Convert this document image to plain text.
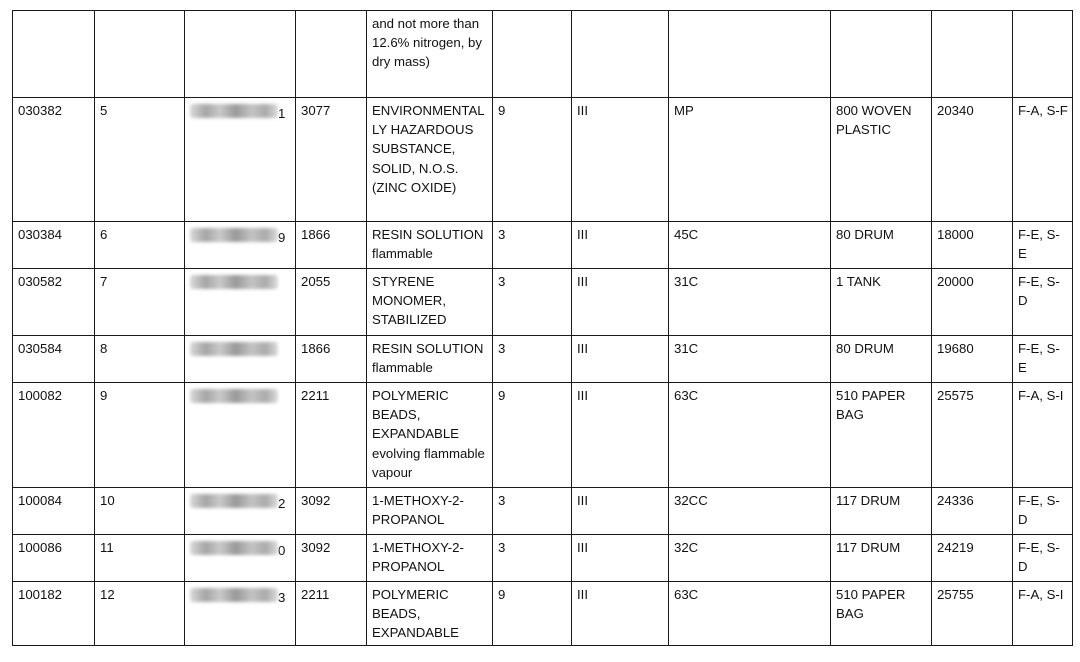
				and not more than 12.6% nitrogen, by dry mass)						
030382	5	1	3077	ENVIRONMENTALLY HAZARDOUS SUBSTANCE, SOLID, N.O.S.(ZINC OXIDE)	9	III	MP	800 WOVEN PLASTIC	20340	F-A, S-F
030384	6	9	1866	RESIN SOLUTION flammable	3	III	45C	80 DRUM	18000	F-E, S-E
030582	7		2055	STYRENE MONOMER, STABILIZED	3	III	31C	1 TANK	20000	F-E, S-D
030584	8		1866	RESIN SOLUTION flammable	3	III	31C	80 DRUM	19680	F-E, S-E
100082	9		2211	POLYMERIC BEADS, EXPANDABLE evolving flammable vapour	9	III	63C	510 PAPER BAG	25575	F-A, S-I
100084	10	2	3092	1-METHOXY-2-PROPANOL	3	III	32CC	117 DRUM	24336	F-E, S-D
100086	11	0	3092	1-METHOXY-2-PROPANOL	3	III	32C	117 DRUM	24219	F-E, S-D
100182	12	3	2211	POLYMERIC BEADS, EXPANDABLE	9	III	63C	510 PAPER BAG	25755	F-A, S-I
